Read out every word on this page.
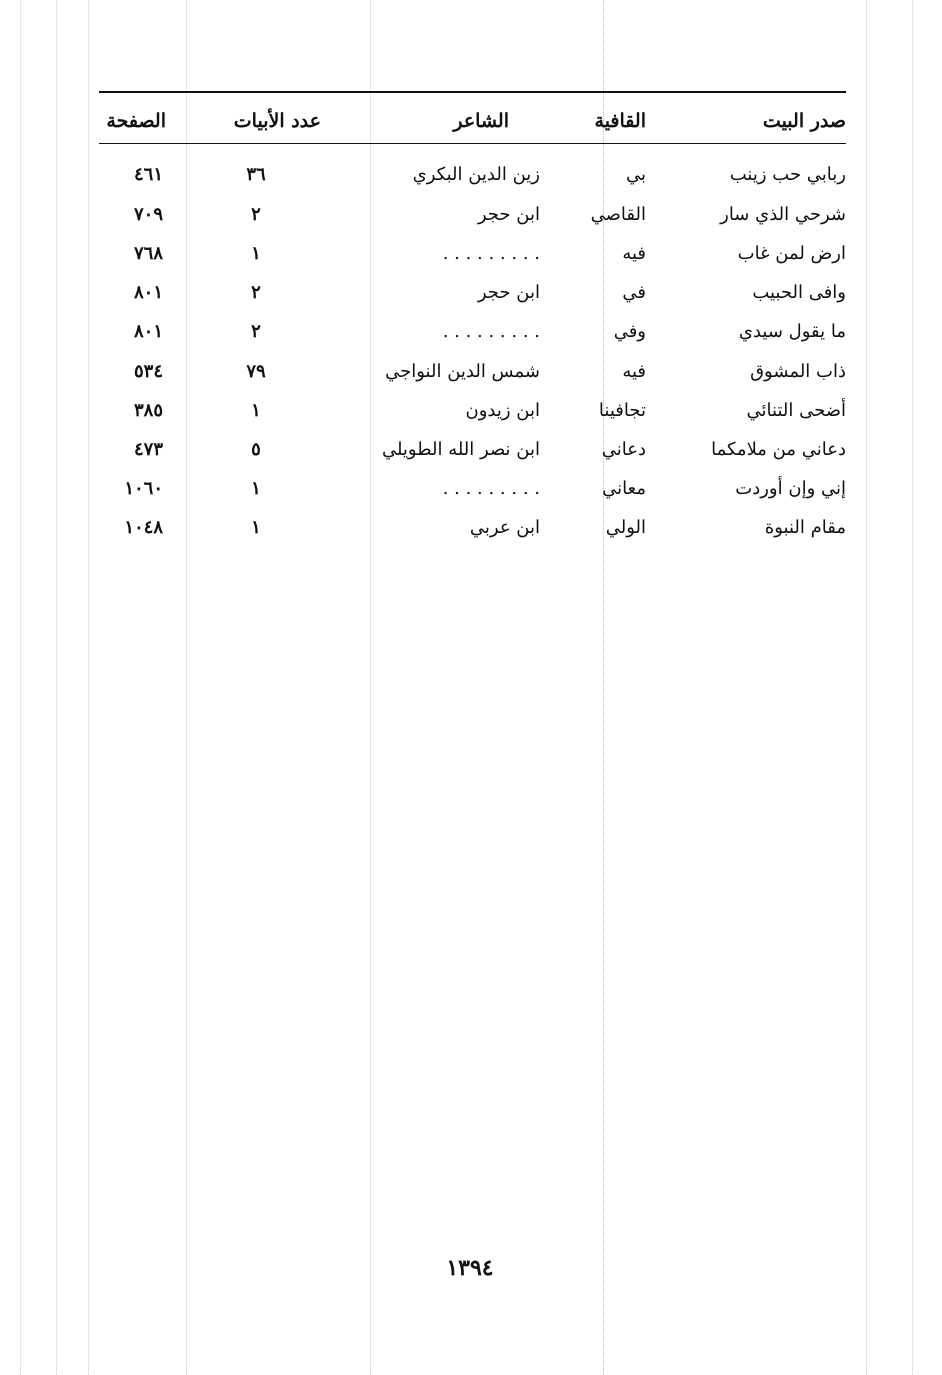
صدر البيت
القافية
الشاعر
عدد الأبيات
الصفحة
ربابي حب زينب
بي
زين الدين البكري
٣٦
٤٦١
شرحي الذي سار
القاصي
ابن حجر
٢
٧٠٩
ارض لمن غاب
فيه
. . . . . . . . .
١
٧٦٨
وافى الحبيب
في
ابن حجر
٢
٨٠١
ما يقول سيدي
وفي
. . . . . . . . .
٢
٨٠١
ذاب المشوق
فيه
شمس الدين النواجي
٧٩
٥٣٤
أضحى التنائي
تجافينا
ابن زيدون
١
٣٨٥
دعاني من ملامكما
دعاني
ابن نصر الله الطويلي
٥
٤٧٣
إني وإن أوردت
معاني
. . . . . . . . .
١
١٠٦٠
مقام النبوة
الولي
ابن عربي
١
١٠٤٨
١٣٩٤
